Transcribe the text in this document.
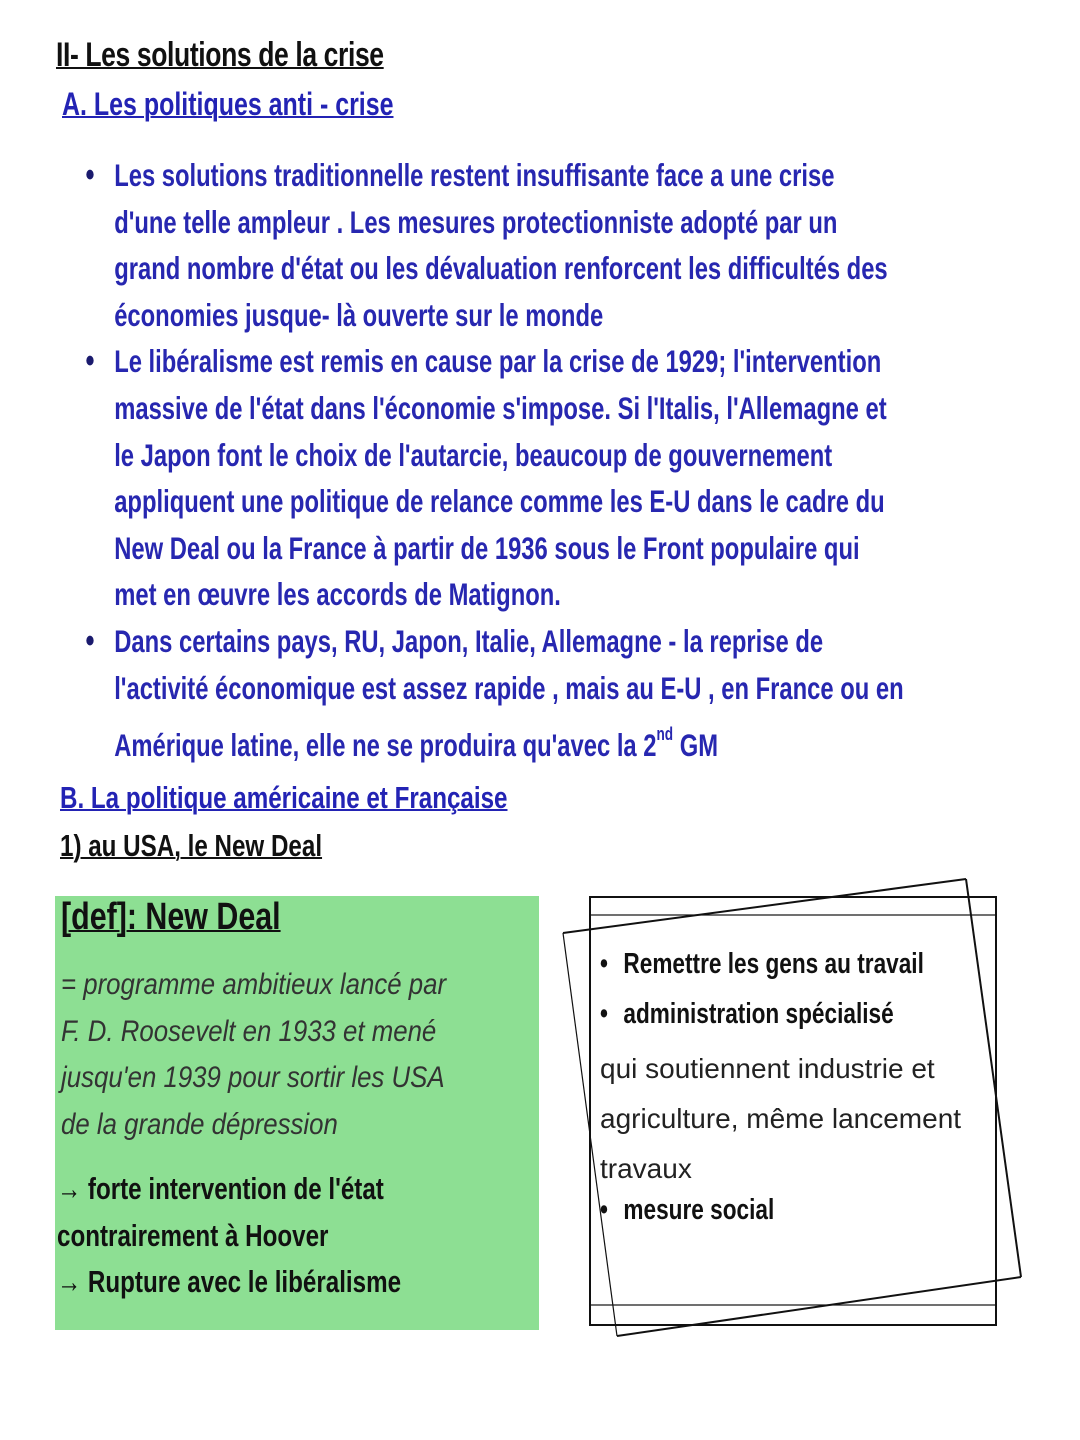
II- Les solutions de la crise
A. Les politiques anti - crise
• Les solutions traditionnelle restent insuffisante face a une crise
d'une telle ampleur . Les mesures protectionniste adopté par un
grand nombre d'état ou les dévaluation renforcent les difficultés des
économies jusque- là ouverte sur le monde
• Le libéralisme est remis en cause par la crise de 1929; l'intervention
massive de l'état dans l'économie s'impose. Si l'Italis, l'Allemagne et
le Japon font le choix de l'autarcie, beaucoup de gouvernement
appliquent une politique de relance comme les E-U dans le cadre du
New Deal ou la France à partir de 1936 sous le Front populaire qui
met en œuvre les accords de Matignon.
• Dans certains pays, RU, Japon, Italie, Allemagne - la reprise de
l'activité économique est assez rapide , mais au E-U , en France ou en
Amérique latine, elle ne se produira qu'avec la 2nd GM
B. La politique américaine et Française
1) au USA, le New Deal
[def]: New Deal
= programme ambitieux lancé par
F. D. Roosevelt en 1933 et mené
jusqu'en 1939 pour sortir les USA
de la grande dépression
→ forte intervention de l'état
contrairement à Hoover
→ Rupture avec le libéralisme
• Remettre les gens au travail
• administration spécialisé
qui soutiennent industrie et
agriculture, même lancement
travaux
• mesure social
